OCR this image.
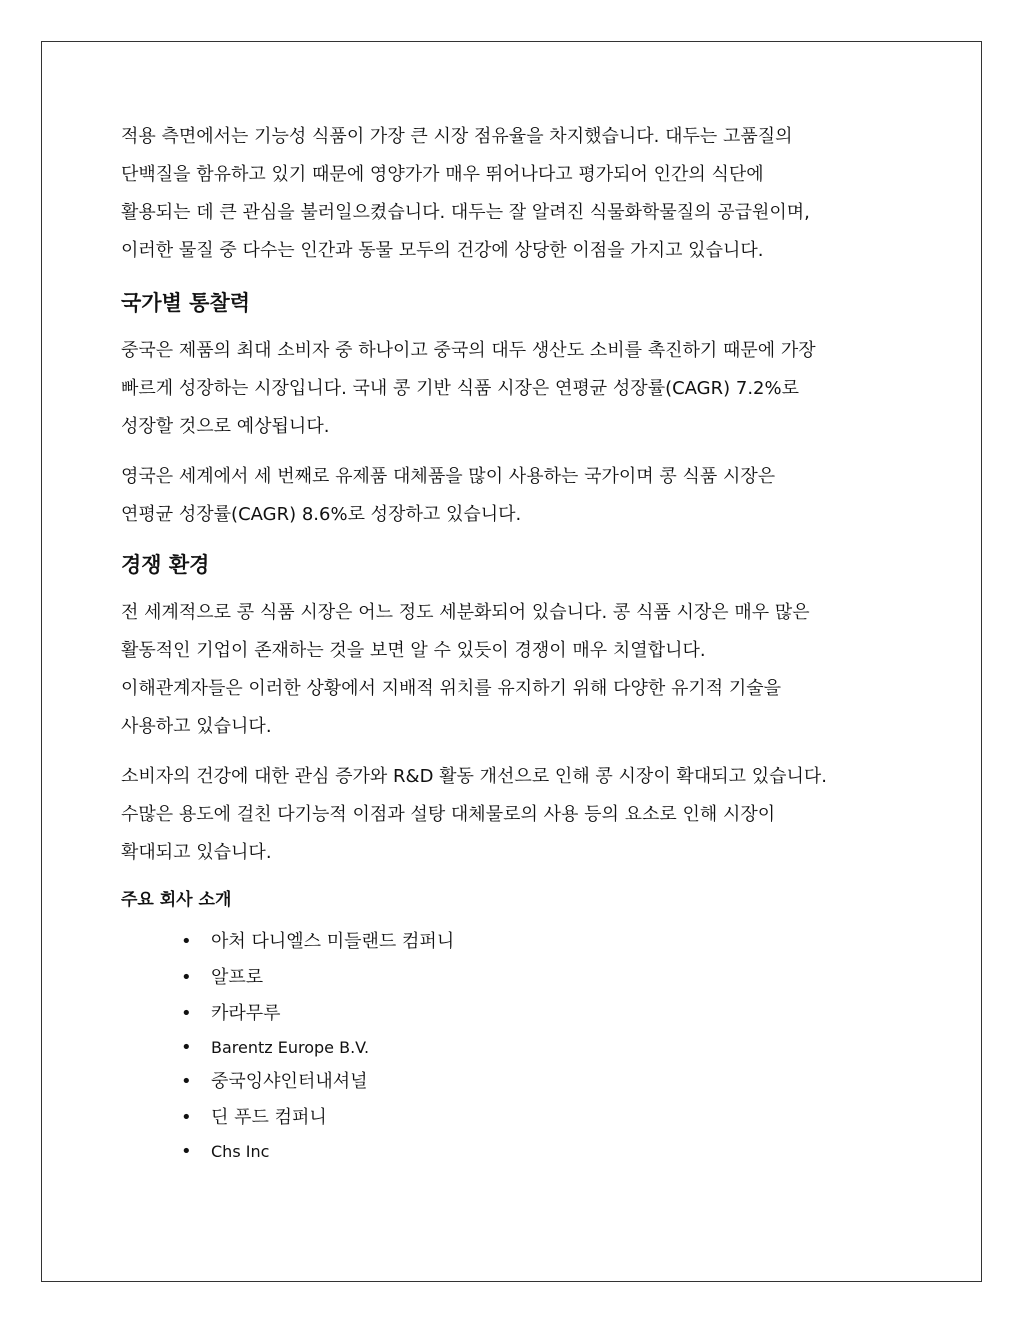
적용 측면에서는 기능성 식품이 가장 큰 시장 점유율을 차지했습니다. 대두는 고품질의
단백질을 함유하고 있기 때문에 영양가가 매우 뛰어나다고 평가되어 인간의 식단에
활용되는 데 큰 관심을 불러일으켰습니다. 대두는 잘 알려진 식물화학물질의 공급원이며,
이러한 물질 중 다수는 인간과 동물 모두의 건강에 상당한 이점을 가지고 있습니다.

국가별 통찰력

중국은 제품의 최대 소비자 중 하나이고 중국의 대두 생산도 소비를 촉진하기 때문에 가장
빠르게 성장하는 시장입니다. 국내 콩 기반 식품 시장은 연평균 성장률(CAGR) 7.2%로
성장할 것으로 예상됩니다.

영국은 세계에서 세 번째로 유제품 대체품을 많이 사용하는 국가이며 콩 식품 시장은
연평균 성장률(CAGR) 8.6%로 성장하고 있습니다.

경쟁 환경

전 세계적으로 콩 식품 시장은 어느 정도 세분화되어 있습니다. 콩 식품 시장은 매우 많은
활동적인 기업이 존재하는 것을 보면 알 수 있듯이 경쟁이 매우 치열합니다.
이해관계자들은 이러한 상황에서 지배적 위치를 유지하기 위해 다양한 유기적 기술을
사용하고 있습니다.

소비자의 건강에 대한 관심 증가와 R&D 활동 개선으로 인해 콩 시장이 확대되고 있습니다.
수많은 용도에 걸친 다기능적 이점과 설탕 대체물로의 사용 등의 요소로 인해 시장이
확대되고 있습니다.

주요 회사 소개
• 아처 다니엘스 미들랜드 컴퍼니
• 알프로
• 카라무루
• Barentz Europe B.V.
• 중국잉샤인터내셔널
• 딘 푸드 컴퍼니
• Chs Inc
